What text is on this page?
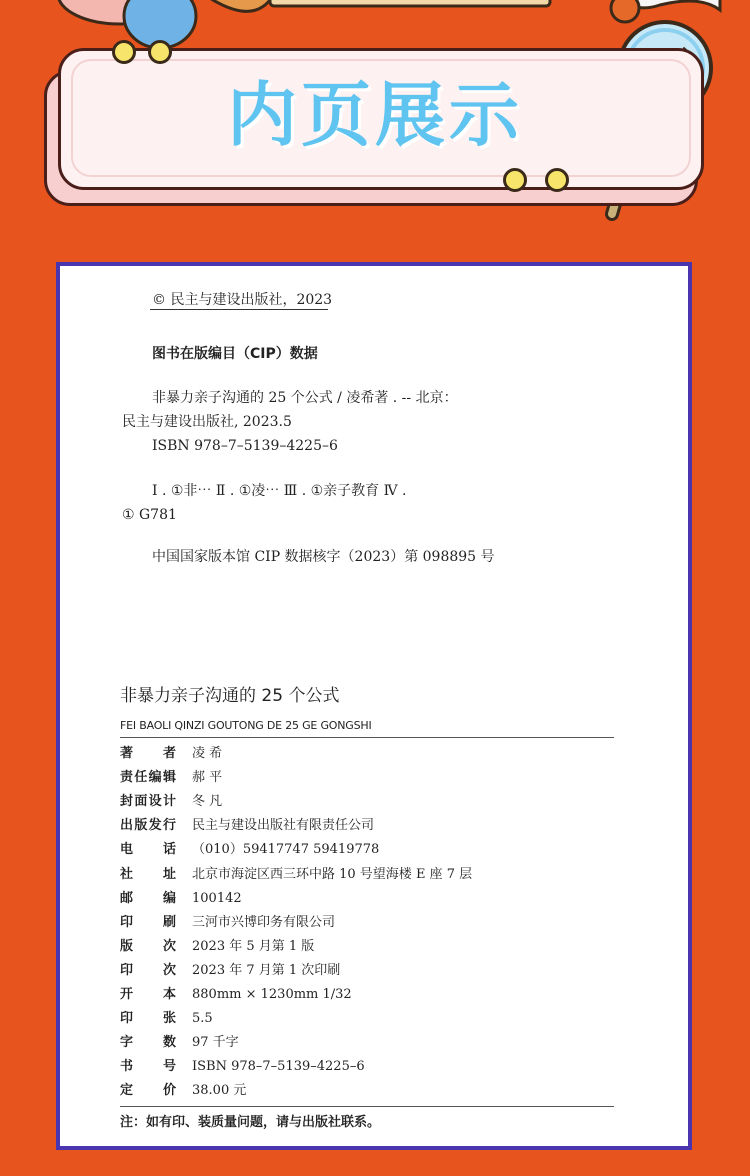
内页展示
© 民主与建设出版社，2023
图书在版编目（CIP）数据
非暴力亲子沟通的 25 个公式 / 凌希著 . -- 北京：
民主与建设出版社, 2023.5
ISBN 978–7–5139–4225–6
Ⅰ . ①非⋯ Ⅱ . ①凌⋯ Ⅲ . ①亲子教育 Ⅳ .
① G781
中国国家版本馆 CIP 数据核字（2023）第 098895 号
非暴力亲子沟通的 25 个公式
FEI BAOLI QINZI GOUTONG DE 25 GE GONGSHI
著 者 凌 希
责 任 编 辑 郝 平
封 面 设 计 冬 凡
出 版 发 行 民主与建设出版社有限责任公司
电 话 （010）59417747 59419778
社 址 北京市海淀区西三环中路 10 号望海楼 E 座 7 层
邮 编 100142
印 刷 三河市兴博印务有限公司
版 次 2023 年 5 月第 1 版
印 次 2023 年 7 月第 1 次印刷
开 本 880mm × 1230mm 1/32
印 张 5.5
字 数 97 千字
书 号 ISBN 978–7–5139–4225–6
定 价 38.00 元
注：如有印、装质量问题，请与出版社联系。
